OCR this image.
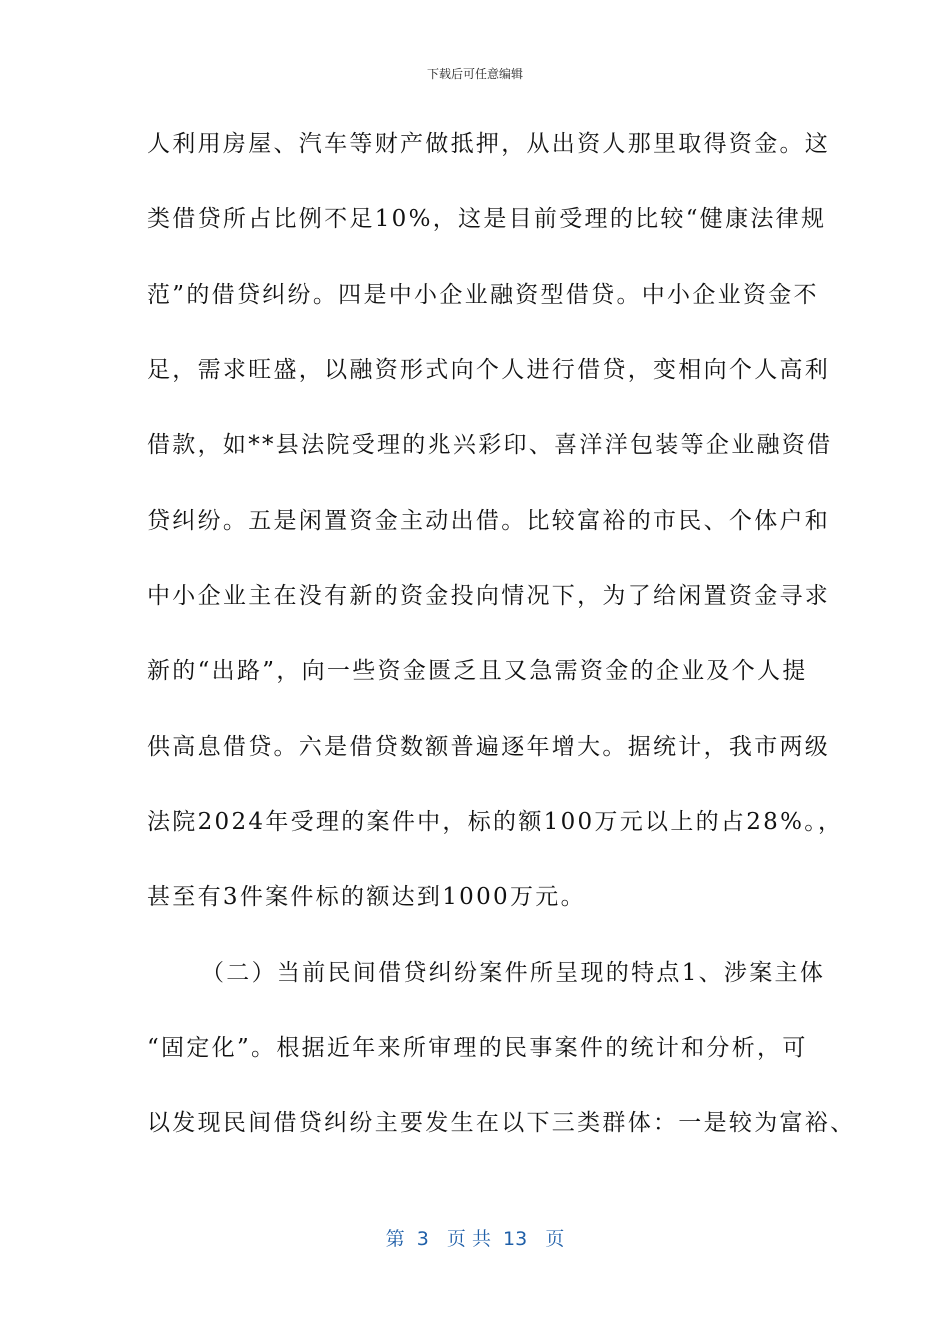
下载后可任意编辑
人利用房屋、汽车等财产做抵押，从出资人那里取得资金。这
类借贷所占比例不足10%，这是目前受理的比较“健康法律规
范”的借贷纠纷。四是中小企业融资型借贷。中小企业资金不
足，需求旺盛，以融资形式向个人进行借贷，变相向个人高利
借款，如**县法院受理的兆兴彩印、喜洋洋包装等企业融资借
贷纠纷。五是闲置资金主动出借。比较富裕的市民、个体户和
中小企业主在没有新的资金投向情况下，为了给闲置资金寻求
新的“出路”，向一些资金匮乏且又急需资金的企业及个人提
供高息借贷。六是借贷数额普遍逐年增大。据统计，我市两级
法院2024年受理的案件中，标的额100万元以上的占28%。，
甚至有3件案件标的额达到1000万元。
（二）当前民间借贷纠纷案件所呈现的特点1、涉案主体
“固定化”。根据近年来所审理的民事案件的统计和分析，可
以发现民间借贷纠纷主要发生在以下三类群体：一是较为富裕、
第  3   页 共  13   页
